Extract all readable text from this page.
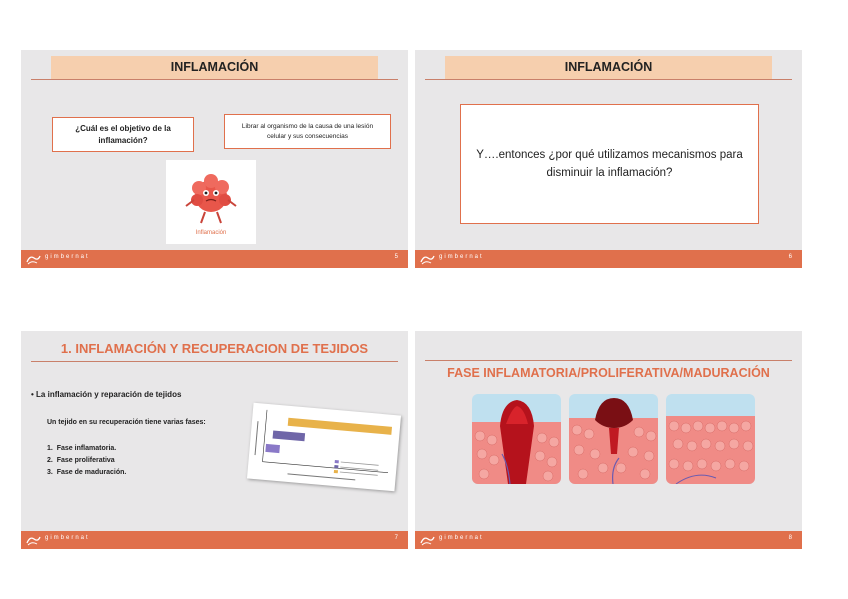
INFLAMACIÓN
¿Cuál es el objetivo de la inflamación?
Librar al organismo de la causa de una lesión celular y sus consecuencias
Inflamación
gimbernat	5
INFLAMACIÓN
Y….entonces ¿por qué utilizamos mecanismos para disminuir la inflamación?
gimbernat	6
1. INFLAMACIÓN Y RECUPERACION DE TEJIDOS
• La inflamación y reparación de tejidos
Un tejido en su recuperación tiene varias fases:
1.  Fase inflamatoria.
2.  Fase proliferativa
3.  Fase de maduración.
gimbernat	7
FASE INFLAMATORIA/PROLIFERATIVA/MADURACIÓN
gimbernat	8
